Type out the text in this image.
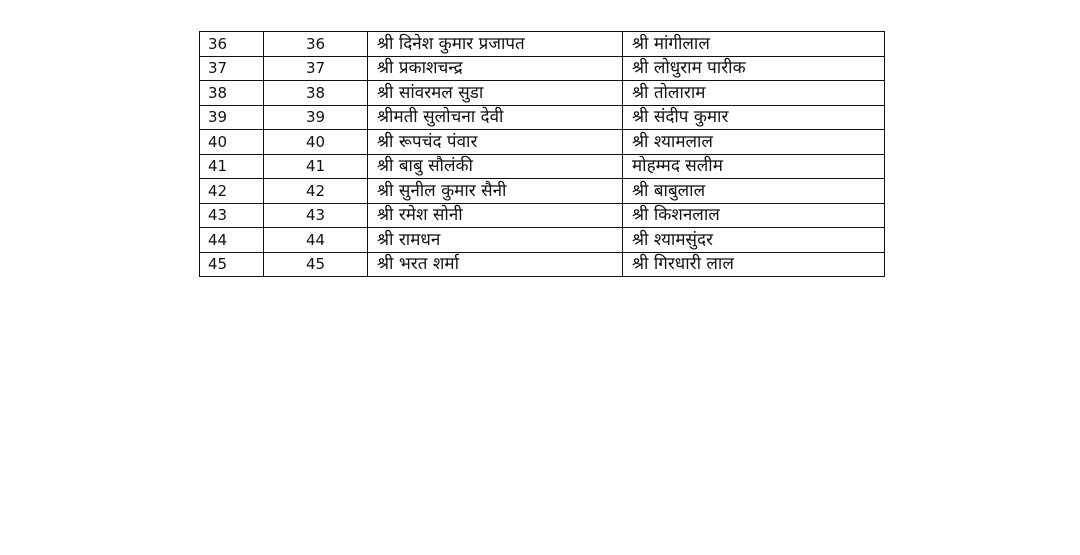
36	36	श्री दिनेश कुमार प्रजापत	श्री मांगीलाल
37	37	श्री प्रकाशचन्द्र	श्री लोधुराम पारीक
38	38	श्री सांवरमल सुडा	श्री तोलाराम
39	39	श्रीमती सुलोचना देवी	श्री संदीप कुमार
40	40	श्री रूपचंद पंवार	श्री श्यामलाल
41	41	श्री बाबु सौलंकी	मोहम्मद सलीम
42	42	श्री सुनील कुमार सैनी	श्री बाबुलाल
43	43	श्री रमेश सोनी	श्री किशनलाल
44	44	श्री रामधन	श्री श्यामसुंदर
45	45	श्री भरत शर्मा	श्री गिरधारी लाल
